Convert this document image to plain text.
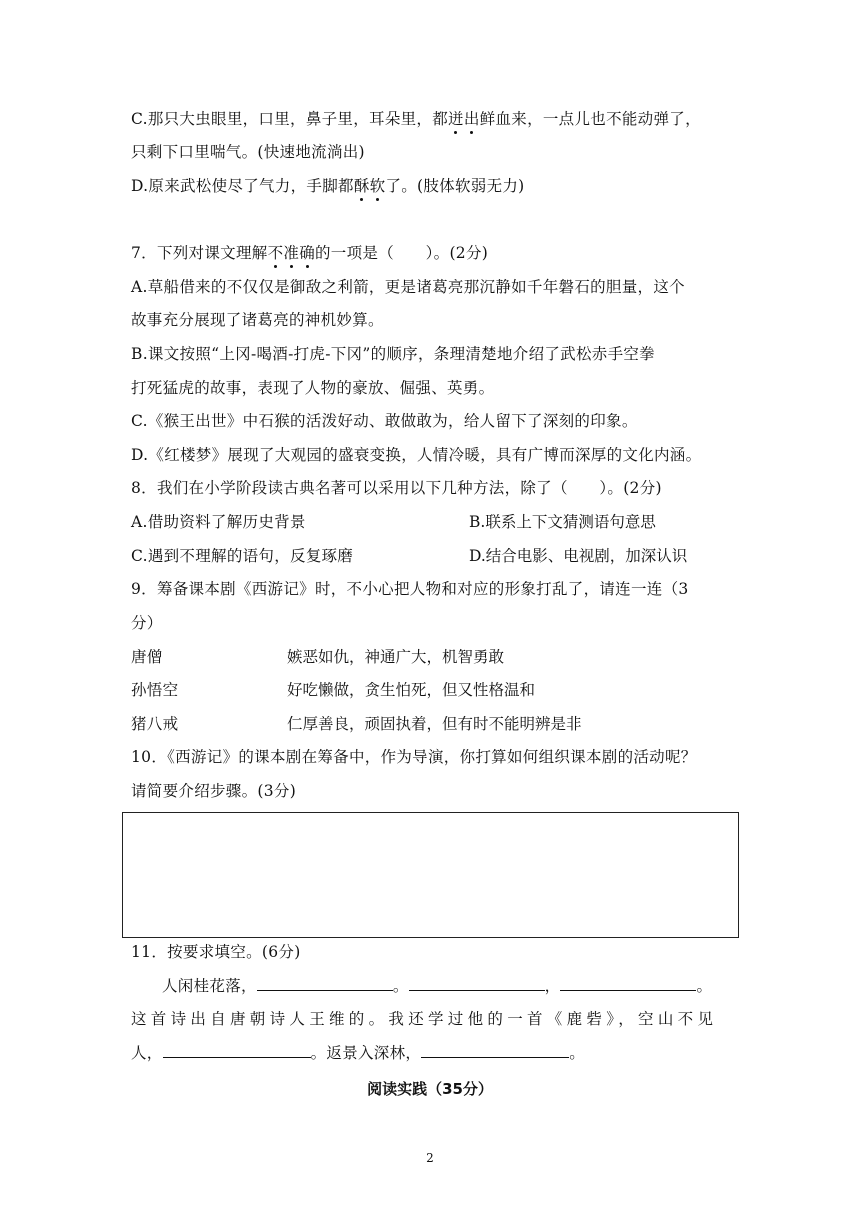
C.那只大虫眼里，口里，鼻子里，耳朵里，都迸出鲜血来，一点儿也不能动弹了，
只剩下口里喘气。(快速地流淌出)
D.原来武松使尽了气力，手脚都酥软了。(肢体软弱无力)
7．下列对课文理解不准确的一项是（　　）。(2分)
A.草船借来的不仅仅是御敌之利箭，更是诸葛亮那沉静如千年磐石的胆量，这个
故事充分展现了诸葛亮的神机妙算。
B.课文按照“上冈-喝酒-打虎-下冈”的顺序，条理清楚地介绍了武松赤手空拳
打死猛虎的故事，表现了人物的豪放、倔强、英勇。
C.《猴王出世》中石猴的活泼好动、敢做敢为，给人留下了深刻的印象。
D.《红楼梦》展现了大观园的盛衰变换，人情冷暖，具有广博而深厚的文化内涵。
8．我们在小学阶段读古典名著可以采用以下几种方法，除了（　　）。(2分)
A.借助资料了解历史背景	B.联系上下文猜测语句意思
C.遇到不理解的语句，反复琢磨	D.结合电影、电视剧，加深认识
9．筹备课本剧《西游记》时，不小心把人物和对应的形象打乱了，请连一连（3
分）
唐僧	嫉恶如仇，神通广大，机智勇敢
孙悟空	好吃懒做，贪生怕死，但又性格温和
猪八戒	仁厚善良，顽固执着，但有时不能明辨是非
10．《西游记》的课本剧在筹备中，作为导演，你打算如何组织课本剧的活动呢？
请简要介绍步骤。(3分)
11．按要求填空。(6分)
人闲桂花落，	。	，	。
这首诗出自唐朝诗人王维的。我还学过他的一首《鹿砦》，空山不见
人，	。返景入深林，	。
阅读实践（35分）
2
